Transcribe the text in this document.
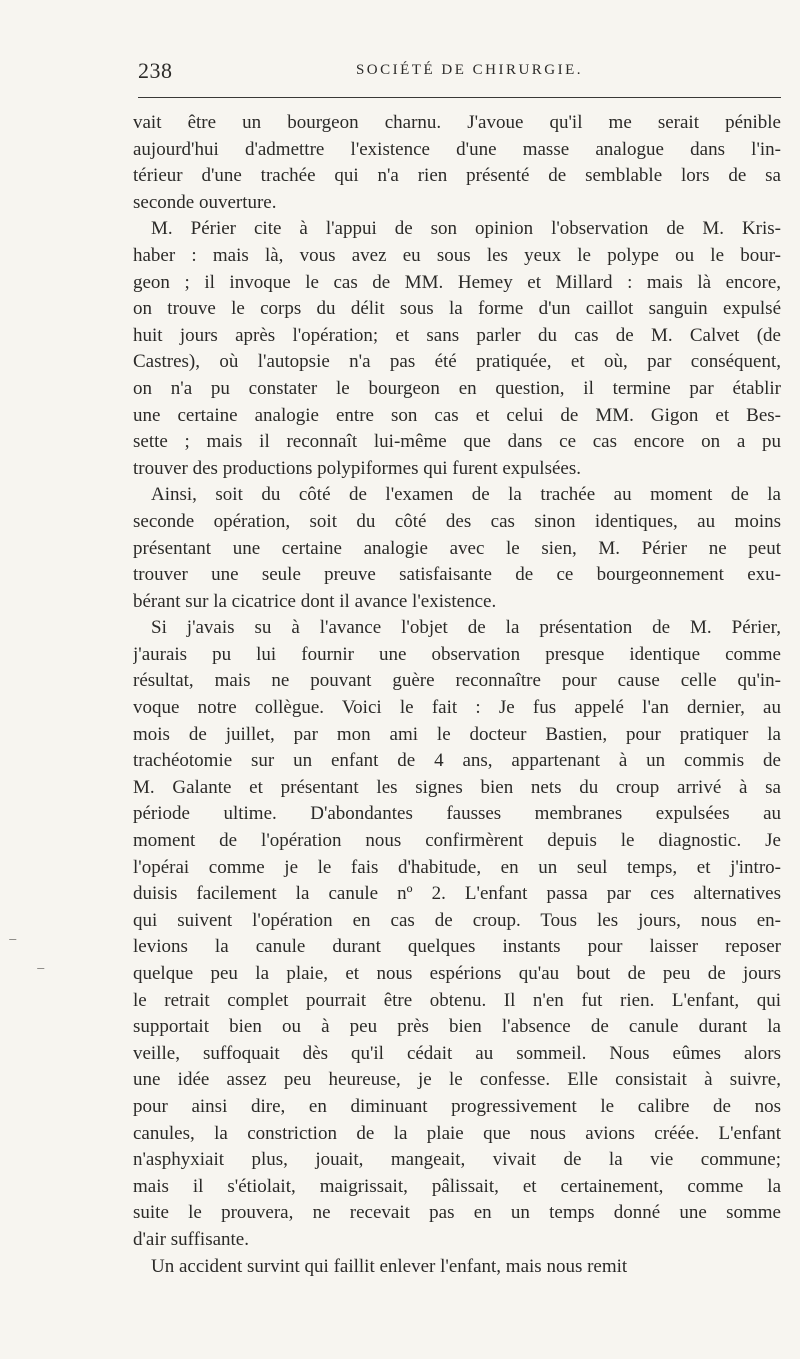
238	SOCIÉTÉ DE CHIRURGIE.
vait être un bourgeon charnu. J'avoue qu'il me serait pénible
aujourd'hui d'admettre l'existence d'une masse analogue dans l'in-
térieur d'une trachée qui n'a rien présenté de semblable lors de sa
seconde ouverture.
M. Périer cite à l'appui de son opinion l'observation de M. Kris-
haber : mais là, vous avez eu sous les yeux le polype ou le bour-
geon ; il invoque le cas de MM. Hemey et Millard : mais là encore,
on trouve le corps du délit sous la forme d'un caillot sanguin expulsé
huit jours après l'opération; et sans parler du cas de M. Calvet (de
Castres), où l'autopsie n'a pas été pratiquée, et où, par conséquent,
on n'a pu constater le bourgeon en question, il termine par établir
une certaine analogie entre son cas et celui de MM. Gigon et Bes-
sette ; mais il reconnaît lui-même que dans ce cas encore on a pu
trouver des productions polypiformes qui furent expulsées.
Ainsi, soit du côté de l'examen de la trachée au moment de la
seconde opération, soit du côté des cas sinon identiques, au moins
présentant une certaine analogie avec le sien, M. Périer ne peut
trouver une seule preuve satisfaisante de ce bourgeonnement exu-
bérant sur la cicatrice dont il avance l'existence.
Si j'avais su à l'avance l'objet de la présentation de M. Périer,
j'aurais pu lui fournir une observation presque identique comme
résultat, mais ne pouvant guère reconnaître pour cause celle qu'in-
voque notre collègue. Voici le fait : Je fus appelé l'an dernier, au
mois de juillet, par mon ami le docteur Bastien, pour pratiquer la
trachéotomie sur un enfant de 4 ans, appartenant à un commis de
M. Galante et présentant les signes bien nets du croup arrivé à sa
période ultime. D'abondantes fausses membranes expulsées au
moment de l'opération nous confirmèrent depuis le diagnostic. Je
l'opérai comme je le fais d'habitude, en un seul temps, et j'intro-
duisis facilement la canule nº 2. L'enfant passa par ces alternatives
qui suivent l'opération en cas de croup. Tous les jours, nous en-
levions la canule durant quelques instants pour laisser reposer
quelque peu la plaie, et nous espérions qu'au bout de peu de jours
le retrait complet pourrait être obtenu. Il n'en fut rien. L'enfant, qui
supportait bien ou à peu près bien l'absence de canule durant la
veille, suffoquait dès qu'il cédait au sommeil. Nous eûmes alors
une idée assez peu heureuse, je le confesse. Elle consistait à suivre,
pour ainsi dire, en diminuant progressivement le calibre de nos
canules, la constriction de la plaie que nous avions créée. L'enfant
n'asphyxiait plus, jouait, mangeait, vivait de la vie commune;
mais il s'étiolait, maigrissait, pâlissait, et certainement, comme la
suite le prouvera, ne recevait pas en un temps donné une somme
d'air suffisante.
Un accident survint qui faillit enlever l'enfant, mais nous remit
⁻
⁻
